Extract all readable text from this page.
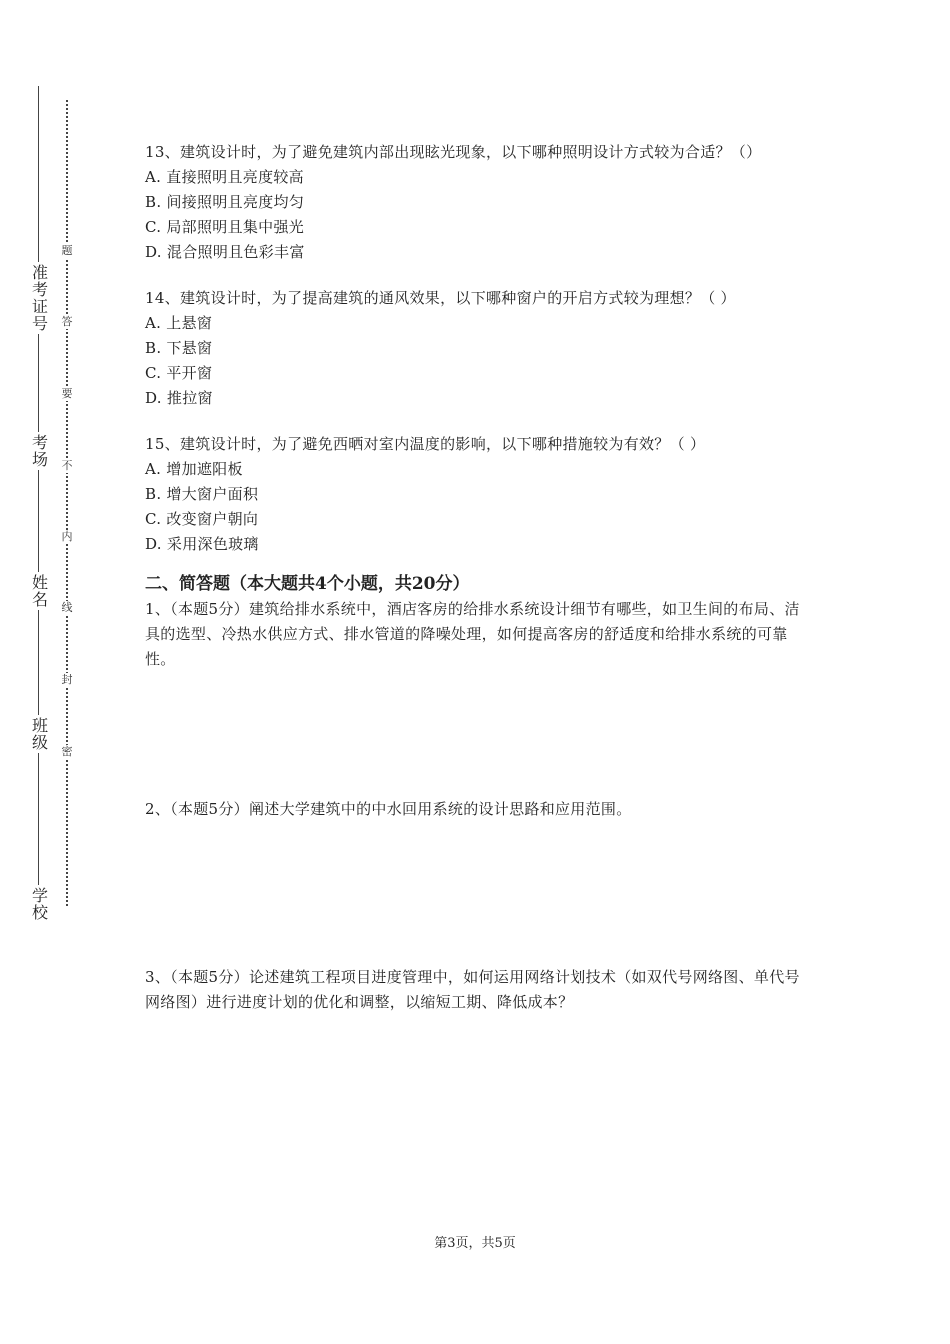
准考证号
考场
姓名
班级
学校
题
答
要
不
内
线
封
密

13、建筑设计时，为了避免建筑内部出现眩光现象，以下哪种照明设计方式较为合适？（）

A. 直接照明且亮度较高

B. 间接照明且亮度均匀

C. 局部照明且集中强光

D. 混合照明且色彩丰富

14、建筑设计时，为了提高建筑的通风效果，以下哪种窗户的开启方式较为理想？（ ）

A. 上悬窗

B. 下悬窗

C. 平开窗

D. 推拉窗

15、建筑设计时，为了避免西晒对室内温度的影响，以下哪种措施较为有效？（ ）

A. 增加遮阳板

B. 增大窗户面积

C. 改变窗户朝向

D. 采用深色玻璃

二、简答题（本大题共4个小题，共20分）

1、（本题5分）建筑给排水系统中，酒店客房的给排水系统设计细节有哪些，如卫生间的布局、洁具的选型、冷热水供应方式、排水管道的降噪处理，如何提高客房的舒适度和给排水系统的可靠性。

2、（本题5分）阐述大学建筑中的中水回用系统的设计思路和应用范围。

3、（本题5分）论述建筑工程项目进度管理中，如何运用网络计划技术（如双代号网络图、单代号网络图）进行进度计划的优化和调整，以缩短工期、降低成本？

第3页，共5页
